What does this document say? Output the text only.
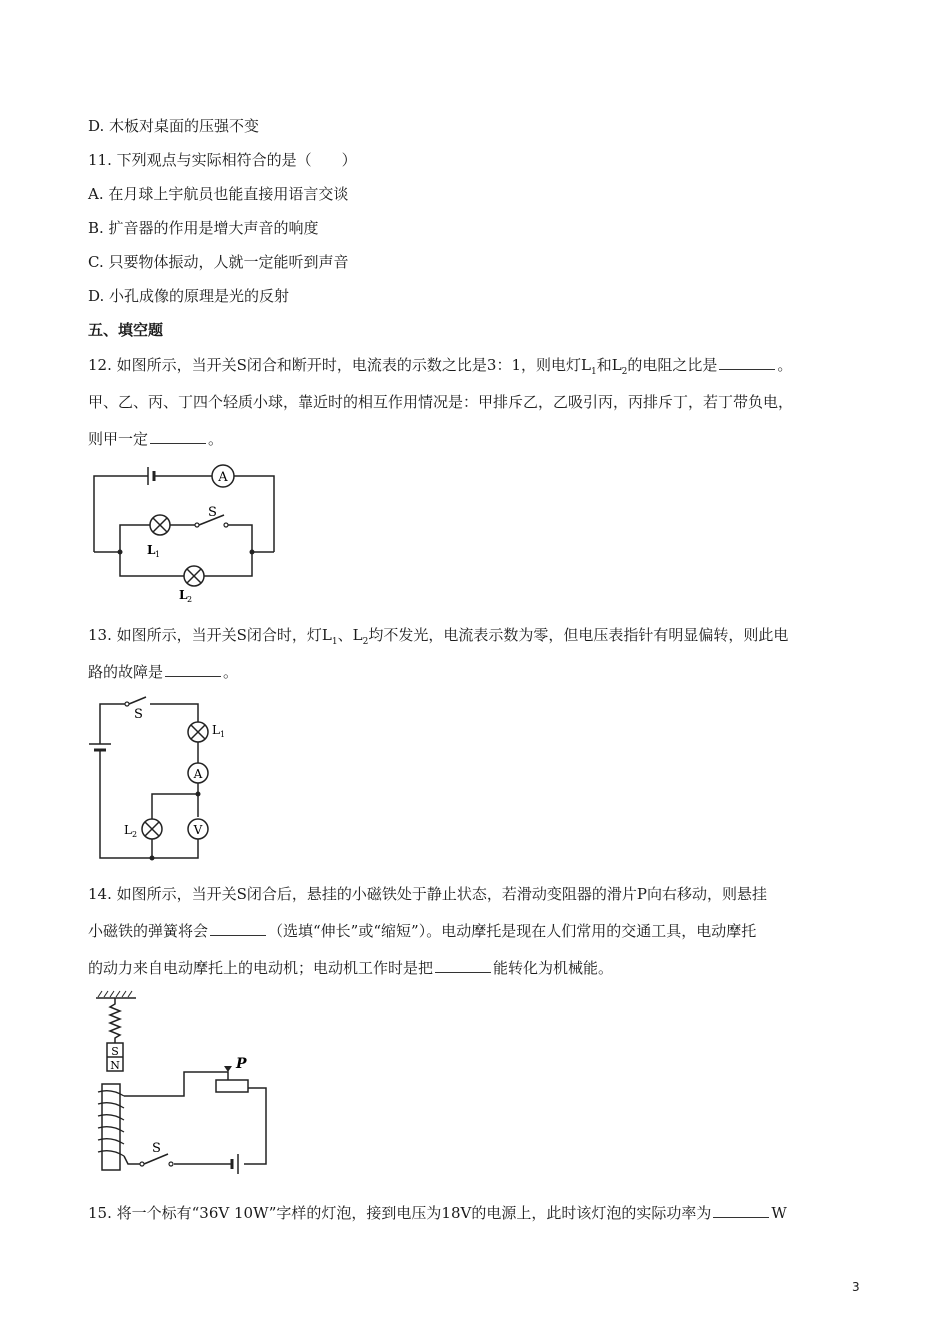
D. 木板对桌面的压强不变
11. 下列观点与实际相符合的是（　　）
A. 在月球上宇航员也能直接用语言交谈
B. 扩音器的作用是增大声音的响度
C. 只要物体振动，人就一定能听到声音
D. 小孔成像的原理是光的反射
五、填空题
12. 如图所示，当开关S闭合和断开时，电流表的示数之比是3：1，则电灯$L_1$和$L_2$的电阻之比是	。
甲、乙、丙、丁四个轻质小球，靠近时的相互作用情况是：甲排斥乙，乙吸引丙，丙排斥丁，若丁带负电，
则甲一定	。
A
S
L 1
L 2
13. 如图所示，当开关S闭合时，灯$L_1$、$L_2$均不发光，电流表示数为零，但电压表指针有明显偏转，则此电
路的故障是	。
S
L 1
A
L 2	V
14. 如图所示，当开关S闭合后，悬挂的小磁铁处于静止状态，若滑动变阻器的滑片P向右移动，则悬挂
小磁铁的弹簧将会	（选填“伸长”或“缩短”）。电动摩托是现在人们常用的交通工具，电动摩托
的动力来自电动摩托上的电动机；电动机工作时是把	能转化为机械能。
S
N	P
S
15. 将一个标有“36V 10W”字样的灯泡，接到电压为18V的电源上，此时该灯泡的实际功率为	W
3
